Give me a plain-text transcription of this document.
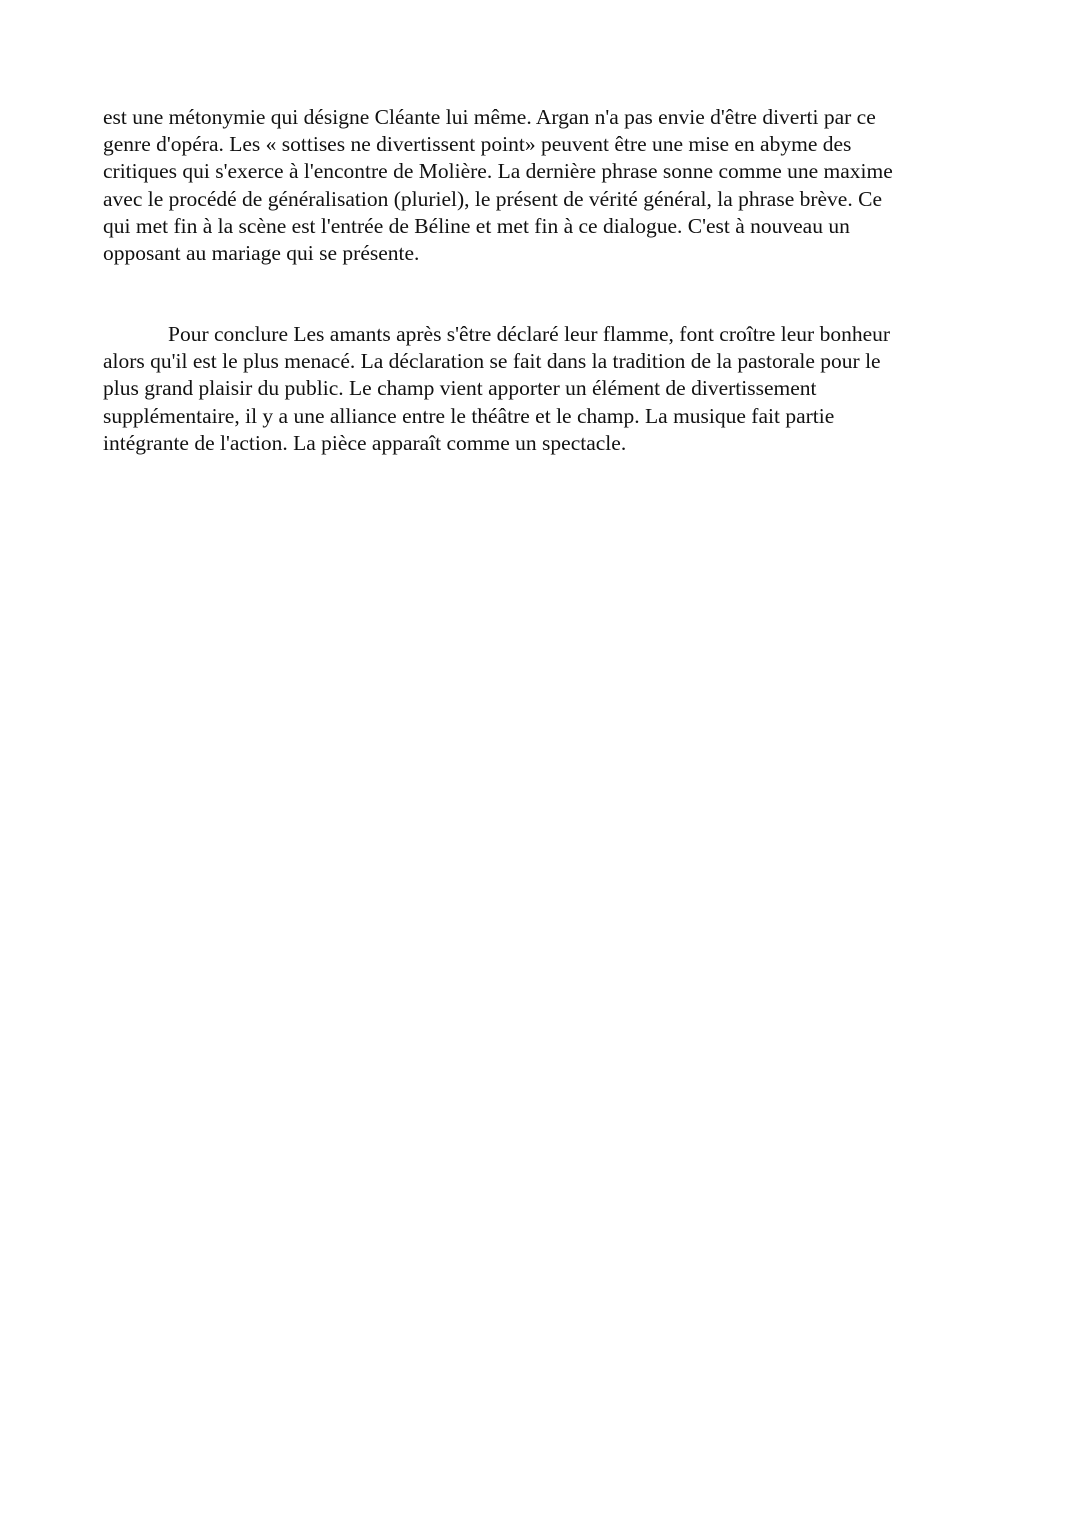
est une métonymie qui désigne Cléante lui même. Argan n'a pas envie d'être diverti par ce
genre d'opéra. Les « sottises ne divertissent point» peuvent être une mise en abyme des
critiques qui s'exerce à l'encontre de Molière. La dernière phrase sonne comme une maxime
avec le procédé de généralisation (pluriel), le présent de vérité général, la phrase brève. Ce
qui met fin à la scène est l'entrée de Béline et met fin à ce dialogue. C'est à nouveau un
opposant au mariage qui se présente.
Pour conclure Les amants après s'être déclaré leur flamme, font croître leur bonheur
alors qu'il est le plus menacé. La déclaration se fait dans la tradition de la pastorale pour le
plus grand plaisir du public. Le champ vient apporter un élément de divertissement
supplémentaire, il y a une alliance entre le théâtre et le champ. La musique fait partie
intégrante de l'action. La pièce apparaît comme un spectacle.
